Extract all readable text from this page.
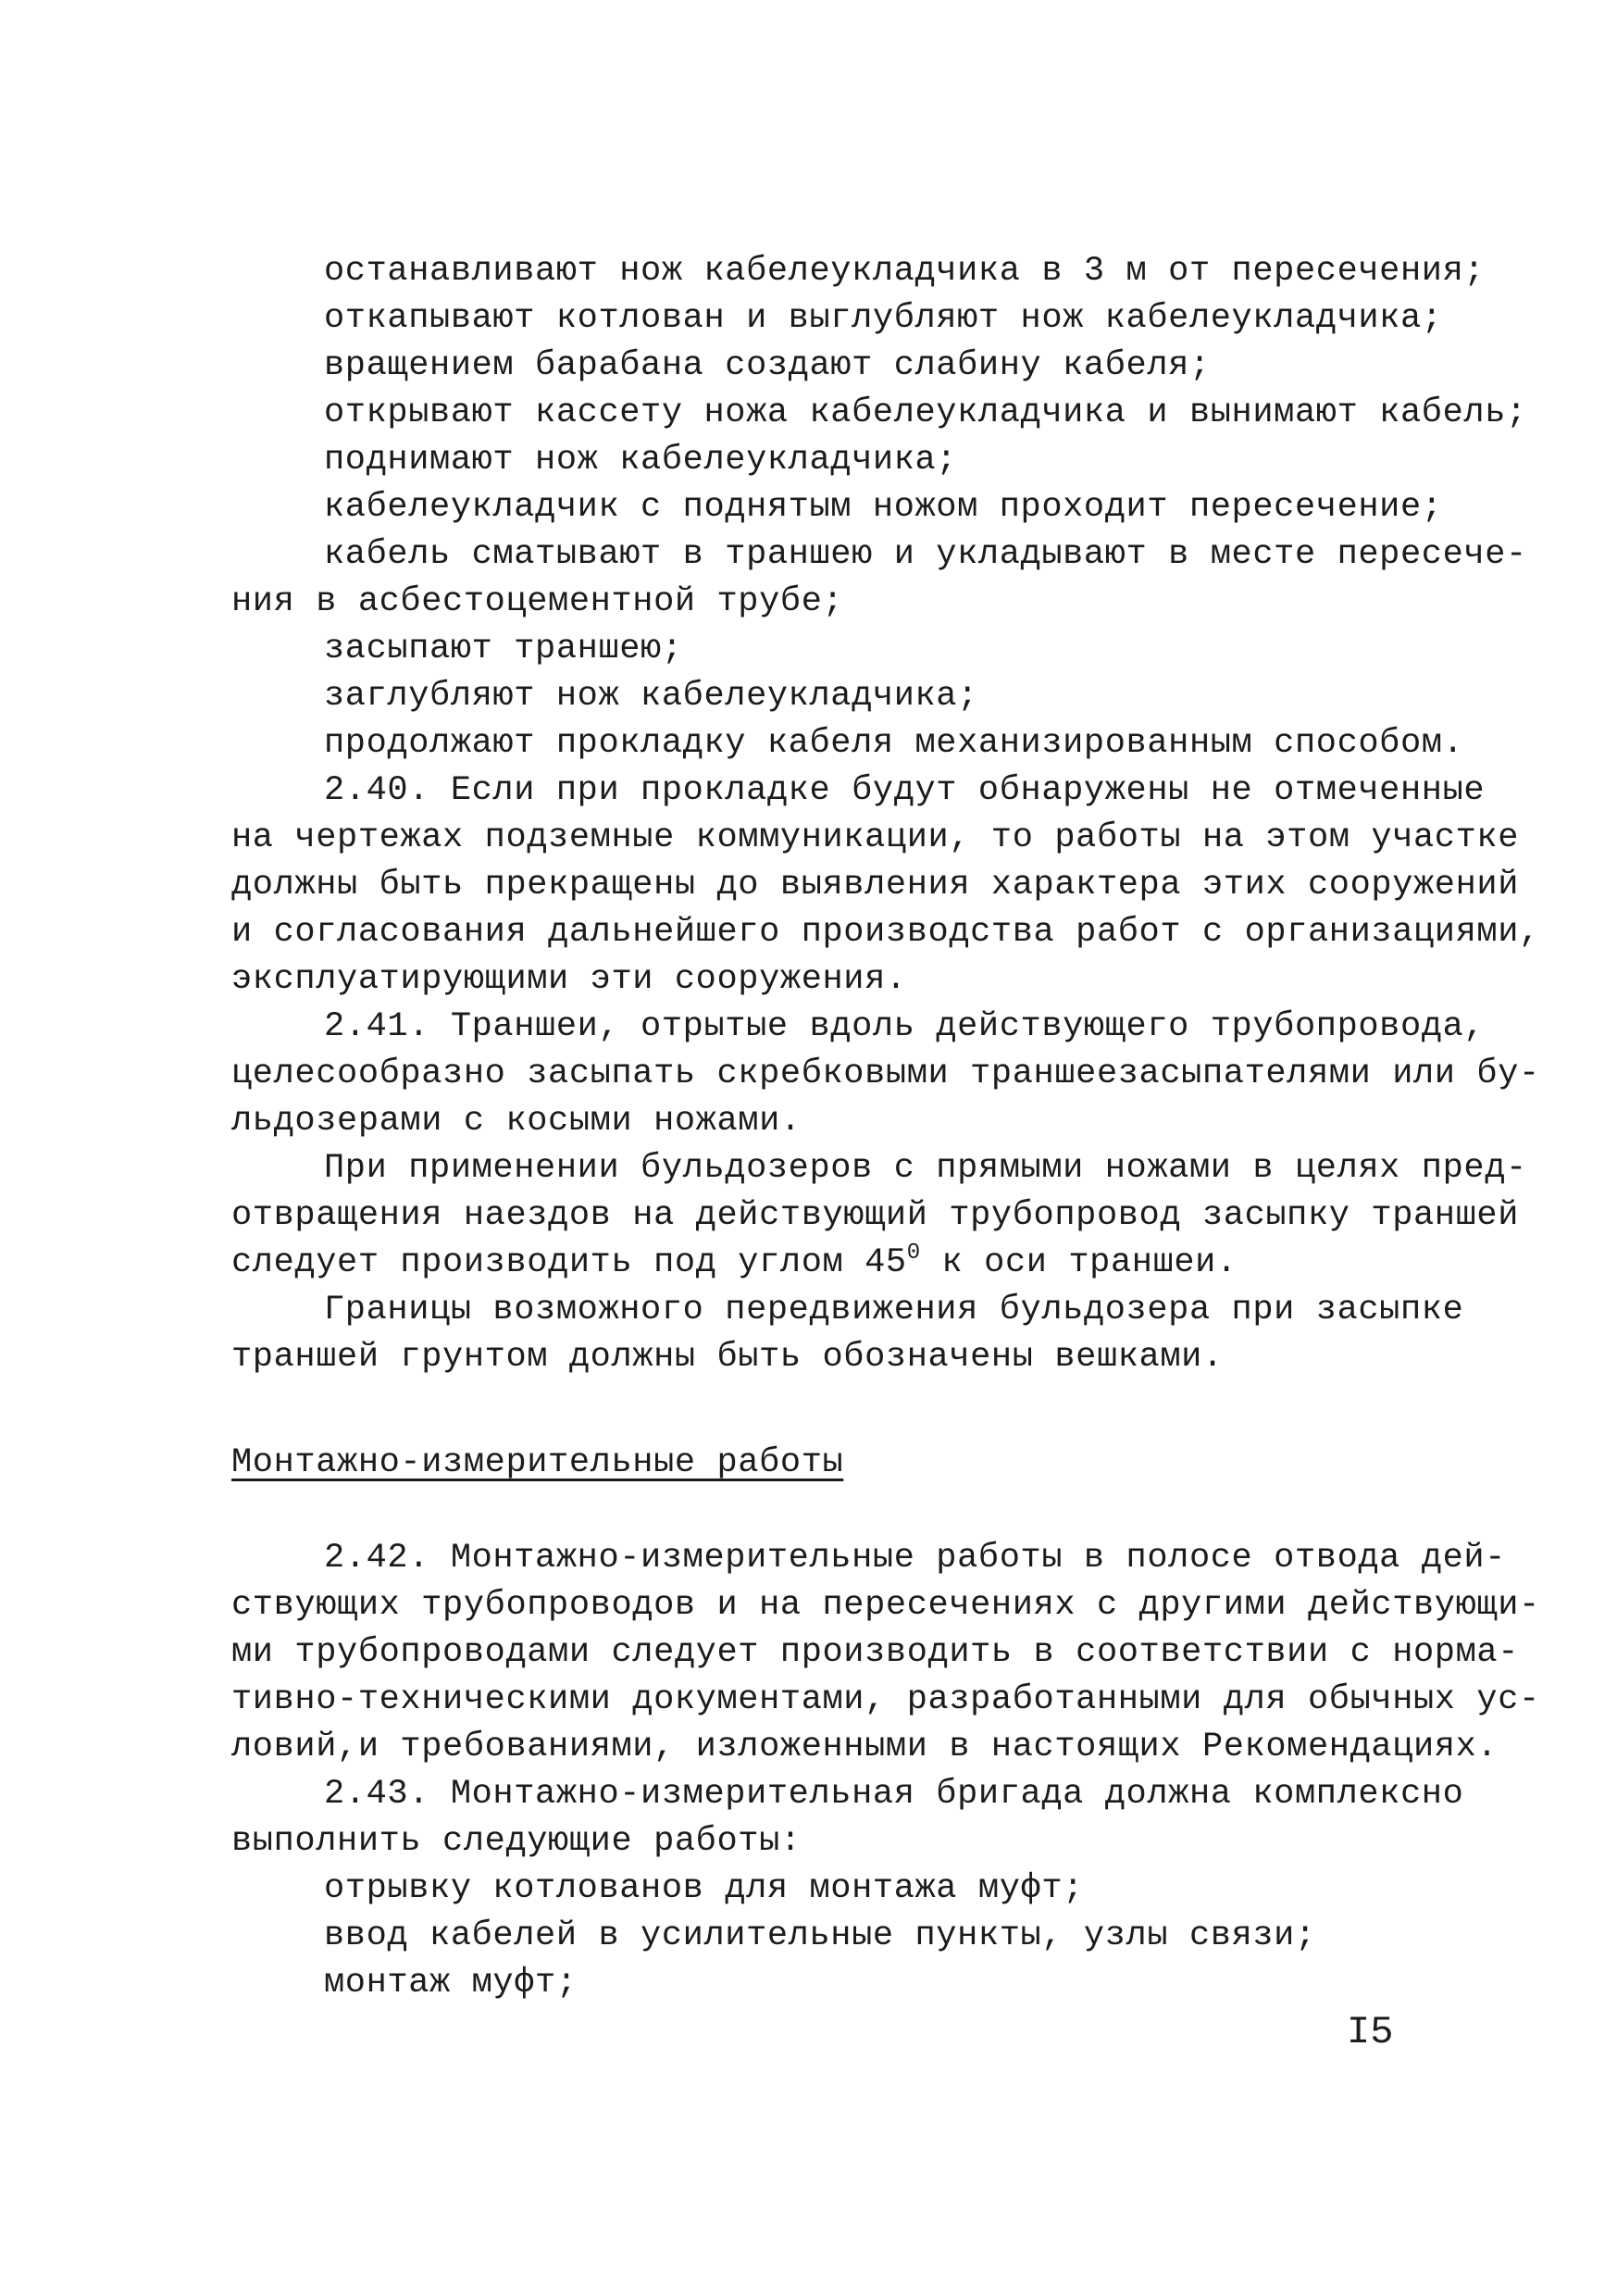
останавливают нож кабелеукладчика в 3 м от пересечения;
откапывают котлован и выглубляют нож кабелеукладчика;
вращением барабана создают слабину кабеля;
открывают кассету ножа кабелеукладчика и вынимают кабель;
поднимают нож кабелеукладчика;
кабелеукладчик с поднятым ножом проходит пересечение;
кабель сматывают в траншею и укладывают в месте пересече-
ния в асбестоцементной трубе;
засыпают траншею;
заглубляют нож кабелеукладчика;
продолжают прокладку кабеля механизированным способом.
2.40. Если при прокладке будут обнаружены не отмеченные
на чертежах подземные коммуникации, то работы на этом участке
должны быть прекращены до выявления характера этих сооружений
и согласования дальнейшего производства работ с организациями,
эксплуатирующими эти сооружения.
2.41. Траншеи, отрытые вдоль действующего трубопровода,
целесообразно засыпать скребковыми траншеезасыпателями или бу-
льдозерами с косыми ножами.
При применении бульдозеров с прямыми ножами в целях пред-
отвращения наездов на действующий трубопровод засыпку траншей
следует производить под углом $45^0$ к оси траншеи.
Границы возможного передвижения бульдозера при засыпке
траншей грунтом должны быть обозначены вешками.
Монтажно-измерительные работы
2.42. Монтажно-измерительные работы в полосе отвода дей-
ствующих трубопроводов и на пересечениях с другими действующи-
ми трубопроводами следует производить в соответствии с норма-
тивно-техническими документами, разработанными для обычных ус-
ловий,и требованиями, изложенными в настоящих Рекомендациях.
2.43. Монтажно-измерительная бригада должна комплексно
выполнить следующие работы:
отрывку котлованов для монтажа муфт;
ввод кабелей в усилительные пункты, узлы связи;
монтаж муфт;
I5
